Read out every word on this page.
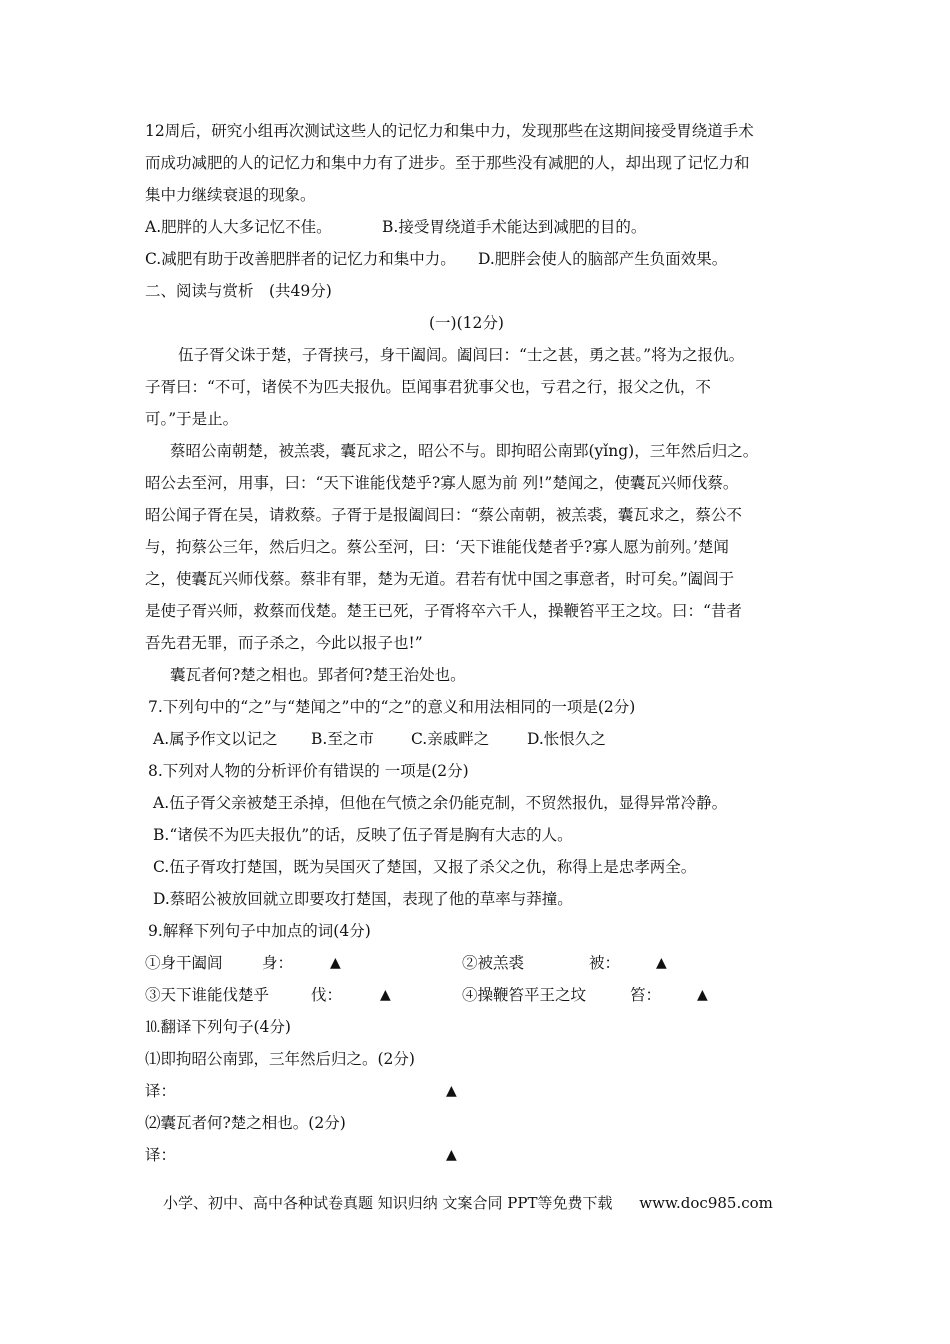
12周后，研究小组再次测试这些人的记忆力和集中力，发现那些在这期间接受胃绕道手术

而成功减肥的人的记忆力和集中力有了进步。至于那些没有减肥的人，却出现了记忆力和

集中力继续衰退的现象。

A.肥胖的人大多记忆不佳。	B.接受胃绕道手术能达到减肥的目的。

C.减肥有助于改善肥胖者的记忆力和集中力。 D.肥胖会使人的脑部产生负面效果。

二、阅读与赏析　(共49分)

(一)(12分)

伍子胥父诛于楚，子胥挟弓，身干阖闾。阖闾曰：“士之甚，勇之甚。”将为之报仇。

子胥曰：“不可，诸侯不为匹夫报仇。臣闻事君犹事父也，亏君之行，报父之仇，不

可。”于是止。

蔡昭公南朝楚，被羔裘，囊瓦求之，昭公不与。即拘昭公南郢(yǐng)，三年然后归之。

昭公去至河，用事，曰：“天下谁能伐楚乎?寡人愿为前 列!”楚闻之，使囊瓦兴师伐蔡。

昭公闻子胥在吴，请救蔡。子胥于是报阖闾曰：“蔡公南朝，被羔裘，囊瓦求之，蔡公不

与，拘蔡公三年，然后归之。蔡公至河，曰：‘天下谁能伐楚者乎?寡人愿为前列。’楚闻

之，使囊瓦兴师伐蔡。蔡非有罪，楚为无道。君若有忧中国之事意者，时可矣。”阖闾于

是使子胥兴师，救蔡而伐楚。楚王已死，子胥将卒六千人，操鞭笞平王之坟。曰：“昔者

吾先君无罪，而子杀之，今此以报子也!”

囊瓦者何?楚之相也。郢者何?楚王治处也。

7.下列句中的“之”与“楚闻之”中的“之”的意义和用法相同的一项是(2分)

A.属予作文以记之 B.至之市 C.亲戚畔之 D.怅恨久之

8.下列对人物的分析评价有错误的 一项是(2分)

A.伍子胥父亲被楚王杀掉，但他在气愤之余仍能克制，不贸然报仇，显得异常冷静。

B.“诸侯不为匹夫报仇”的话，反映了伍子胥是胸有大志的人。

C.伍子胥攻打楚国，既为吴国灭了楚国，又报了杀父之仇，称得上是忠孝两全。

D.蔡昭公被放回就立即要攻打楚国，表现了他的草率与莽撞。

9.解释下列句子中加点的词(4分)

①身干阖闾	身：	▲	②被羔裘	被：	▲

③天下谁能伐楚乎	伐：	▲	④操鞭笞平王之坟	笞：	▲

⒑翻译下列句子(4分)

⑴即拘昭公南郢，三年然后归之。(2分)

译：	▲

⑵囊瓦者何?楚之相也。(2分)

译：	▲

小学、初中、高中各种试卷真题 知识归纳 文案合同 PPT等免费下载 www.doc985.com
